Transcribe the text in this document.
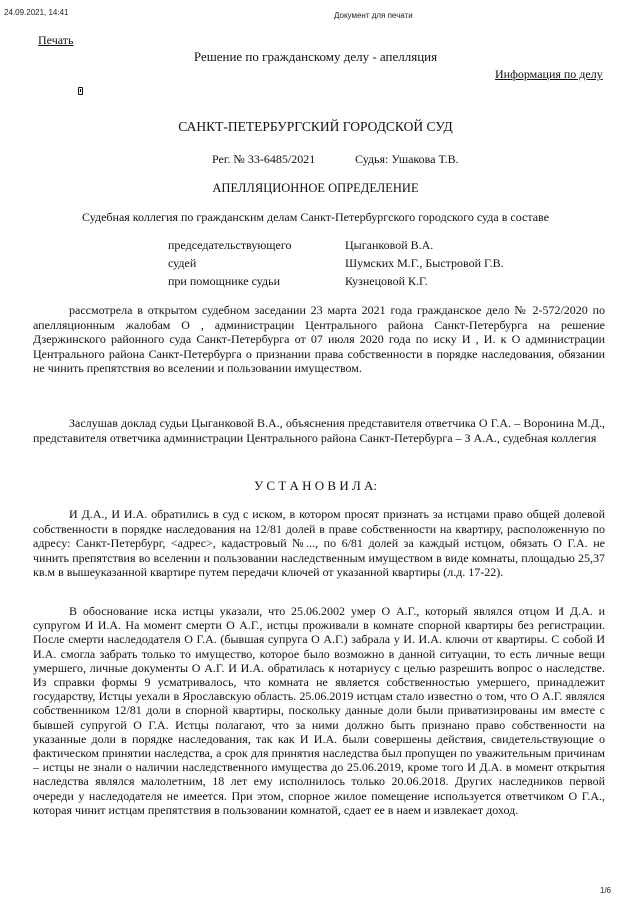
24.09.2021, 14:41	Документ для печати
Печать
Решение по гражданскому делу - апелляция
Информация по делу
САНКТ-ПЕТЕРБУРГСКИЙ ГОРОДСКОЙ СУД
Рег. № 33-6485/2021	Судья: Ушакова Т.В.
АПЕЛЛЯЦИОННОЕ ОПРЕДЕЛЕНИЕ
Судебная коллегия по гражданским делам Санкт-Петербургского городского суда в составе
председательствующего	Цыганковой В.А.
судей	Шумских М.Г., Быстровой Г.В.
при помощнике судьи	Кузнецовой К.Г.

рассмотрела в открытом судебном заседании 23 марта 2021 года гражданское дело № 2-572/2020 по апелляционным жалобам О , администрации Центрального района Санкт-Петербурга на решение Дзержинского районного суда Санкт-Петербурга от 07 июля 2020 года по иску И , И. к О администрации Центрального района Санкт-Петербурга о признании права собственности в порядке наследования, обязании не чинить препятствия во вселении и пользовании имуществом.

Заслушав доклад судьи Цыганковой В.А., объяснения представителя ответчика О Г.А. – Воронина М.Д., представителя ответчика администрации Центрального района Санкт-Петербурга – З А.А., судебная коллегия

У С Т А Н О В И Л А:

И Д.А., И И.А. обратились в суд с иском, в котором просят признать за истцами право общей долевой собственности в порядке наследования на 12/81 долей в праве собственности на квартиру, расположенную по адресу: Санкт-Петербург, <адрес>, кадастровый №..., по 6/81 долей за каждый истцом, обязать О Г.А. не чинить препятствия во вселении и пользовании наследственным имуществом в виде комнаты, площадью 25,37 кв.м в вышеуказанной квартире путем передачи ключей от указанной квартиры (л.д. 17-22).

В обоснование иска истцы указали, что 25.06.2002 умер О А.Г., который являлся отцом И Д.А. и супругом И И.А. На момент смерти О А.Г., истцы проживали в комнате спорной квартиры без регистрации. После смерти наследодателя О Г.А. (бывшая супруга О А.Г.) забрала у И. И.А. ключи от квартиры. С собой И И.А. смогла забрать только то имущество, которое было возможно в данной ситуации, то есть личные вещи умершего, личные документы О А.Г. И И.А. обратилась к нотариусу с целью разрешить вопрос о наследстве. Из справки формы 9 усматривалось, что комната не является собственностью умершего, принадлежит государству, Истцы уехали в Ярославскую область. 25.06.2019 истцам стало известно о том, что О А.Г. являлся собственником 12/81 доли в спорной квартиры, поскольку данные доли были приватизированы им вместе с бывшей супругой О Г.А. Истцы полагают, что за ними должно быть признано право собственности на указанные доли в порядке наследования, так как И И.А. были совершены действия, свидетельствующие о фактическом принятии наследства, а срок для принятия наследства был пропущен по уважительным причинам – истцы не знали о наличии наследственного имущества до 25.06.2019, кроме того И Д.А. в момент открытия наследства являлся малолетним, 18 лет ему исполнилось только 20.06.2018. Других наследников первой очереди у наследодателя не имеется. При этом, спорное жилое помещение используется ответчиком О Г.А., которая чинит истцам препятствия в пользовании комнатой, сдает ее в наем и извлекает доход.

1/6
